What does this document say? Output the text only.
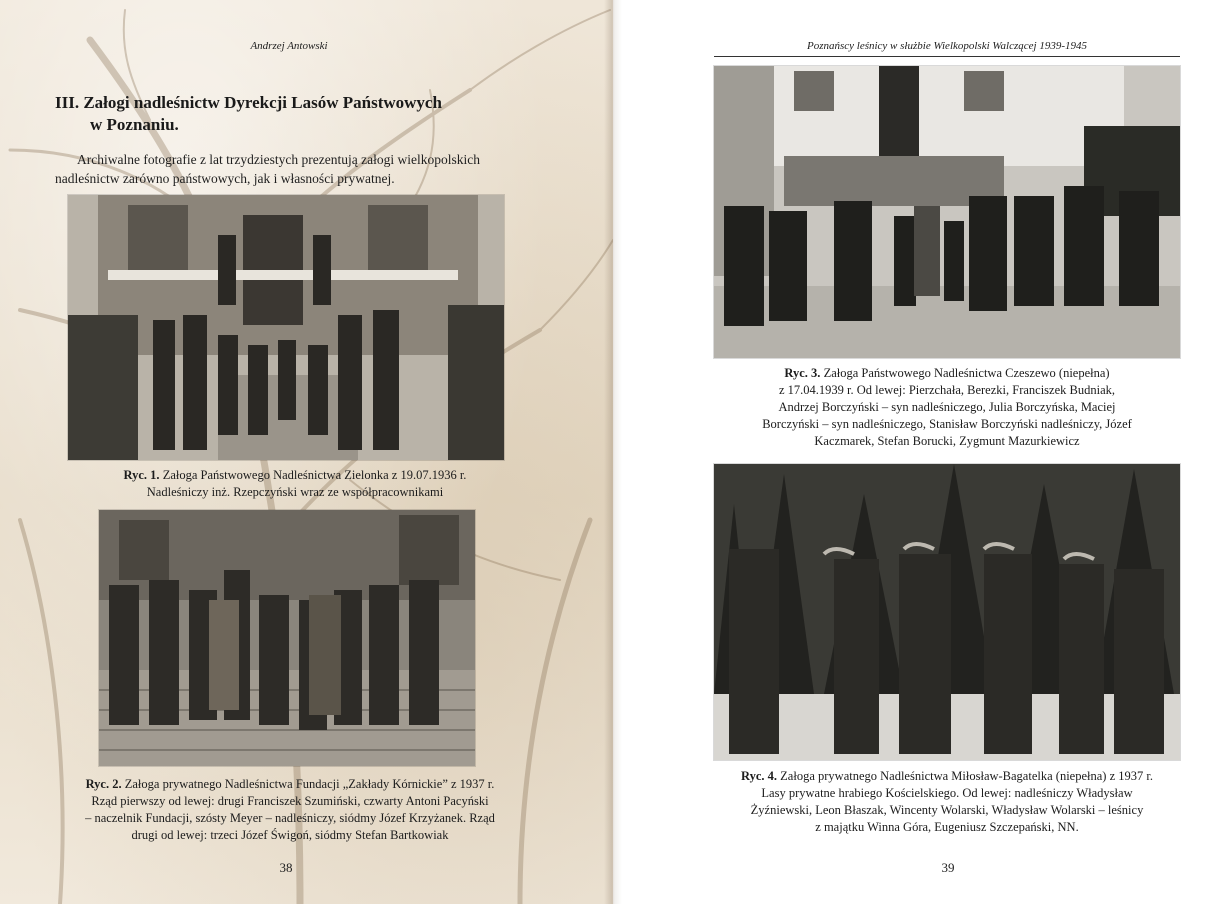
Andrzej Antowski
III. Załogi nadleśnictw Dyrekcji Lasów Państwowych
w Poznaniu.
Archiwalne fotografie z lat trzydziestych prezentują załogi wielkopolskich nadleśnictw zarówno państwowych, jak i własności prywatnej.
Ryc. 1. Załoga Państwowego Nadleśnictwa Zielonka z 19.07.1936 r.
Nadleśniczy inż. Rzepczyński wraz ze współpracownikami
Ryc. 2. Załoga prywatnego Nadleśnictwa Fundacji „Zakłady Kórnickie” z 1937 r.
Rząd pierwszy od lewej: drugi Franciszek Szumiński, czwarty Antoni Pacyński
– naczelnik Fundacji, szósty Meyer – nadleśniczy, siódmy Józef Krzyżanek. Rząd
drugi od lewej: trzeci Józef Świgoń, siódmy Stefan Bartkowiak
38
Poznańscy leśnicy w służbie Wielkopolski Walczącej 1939-1945
Ryc. 3. Załoga Państwowego Nadleśnictwa Czeszewo (niepełna)
z 17.04.1939 r. Od lewej: Pierzchała, Berezki, Franciszek Budniak,
Andrzej Borczyński – syn nadleśniczego, Julia Borczyńska, Maciej
Borczyński – syn nadleśniczego, Stanisław Borczyński nadleśniczy, Józef
Kaczmarek, Stefan Borucki, Zygmunt Mazurkiewicz
Ryc. 4. Załoga prywatnego Nadleśnictwa Miłosław-Bagatelka (niepełna) z 1937 r.
Lasy prywatne hrabiego Kościelskiego. Od lewej: nadleśniczy Władysław
Żyźniewski, Leon Błaszak, Wincenty Wolarski, Władysław Wolarski – leśnicy
z majątku Winna Góra, Eugeniusz Szczepański, NN.
39
